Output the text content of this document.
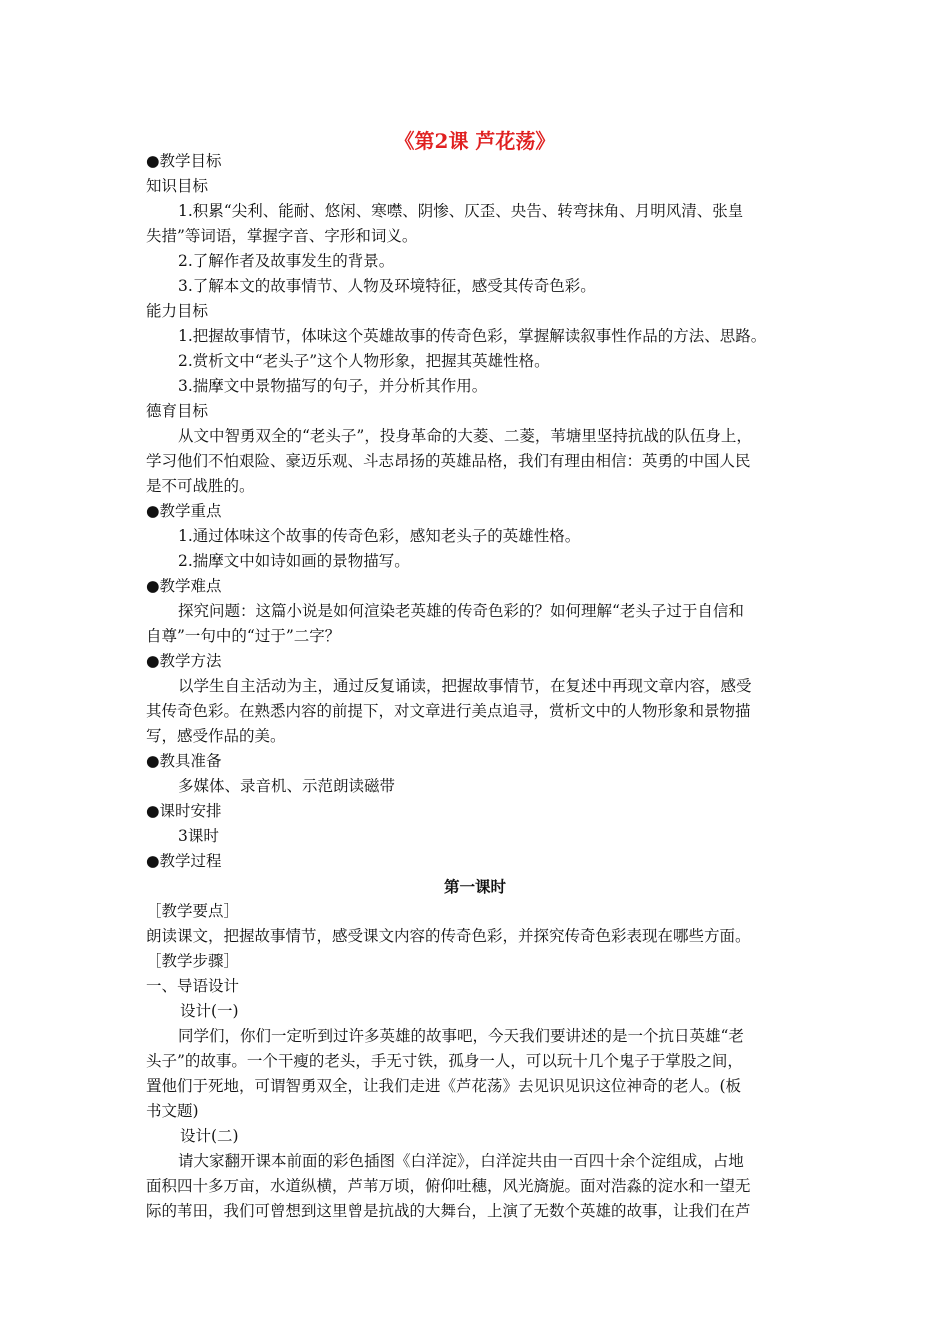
《第2课 芦花荡》
●教学目标
知识目标
1.积累“尖利、能耐、悠闲、寒噤、阴惨、仄歪、央告、转弯抹角、月明风清、张皇
失措”等词语，掌握字音、字形和词义。
2.了解作者及故事发生的背景。
3.了解本文的故事情节、人物及环境特征，感受其传奇色彩。
能力目标
1.把握故事情节，体味这个英雄故事的传奇色彩，掌握解读叙事性作品的方法、思路。
2.赏析文中“老头子”这个人物形象，把握其英雄性格。
3.揣摩文中景物描写的句子，并分析其作用。
德育目标
从文中智勇双全的“老头子”，投身革命的大菱、二菱，苇塘里坚持抗战的队伍身上，
学习他们不怕艰险、豪迈乐观、斗志昂扬的英雄品格，我们有理由相信：英勇的中国人民
是不可战胜的。
●教学重点
1.通过体味这个故事的传奇色彩，感知老头子的英雄性格。
2.揣摩文中如诗如画的景物描写。
●教学难点
探究问题：这篇小说是如何渲染老英雄的传奇色彩的？如何理解“老头子过于自信和
自尊”一句中的“过于”二字？
●教学方法
以学生自主活动为主，通过反复诵读，把握故事情节，在复述中再现文章内容，感受
其传奇色彩。在熟悉内容的前提下，对文章进行美点追寻，赏析文中的人物形象和景物描
写，感受作品的美。
●教具准备
多媒体、录音机、示范朗读磁带
●课时安排
3课时
●教学过程
第一课时
［教学要点］
朗读课文，把握故事情节，感受课文内容的传奇色彩，并探究传奇色彩表现在哪些方面。
［教学步骤］
一、导语设计
设计(一)
同学们，你们一定听到过许多英雄的故事吧，今天我们要讲述的是一个抗日英雄“老
头子”的故事。一个干瘦的老头，手无寸铁，孤身一人，可以玩十几个鬼子于掌股之间，
置他们于死地，可谓智勇双全，让我们走进《芦花荡》去见识见识这位神奇的老人。(板
书文题)
设计(二)
请大家翻开课本前面的彩色插图《白洋淀》，白洋淀共由一百四十余个淀组成，占地
面积四十多万亩，水道纵横，芦苇万顷，俯仰吐穗，风光旖旎。面对浩淼的淀水和一望无
际的苇田，我们可曾想到这里曾是抗战的大舞台，上演了无数个英雄的故事，让我们在芦
